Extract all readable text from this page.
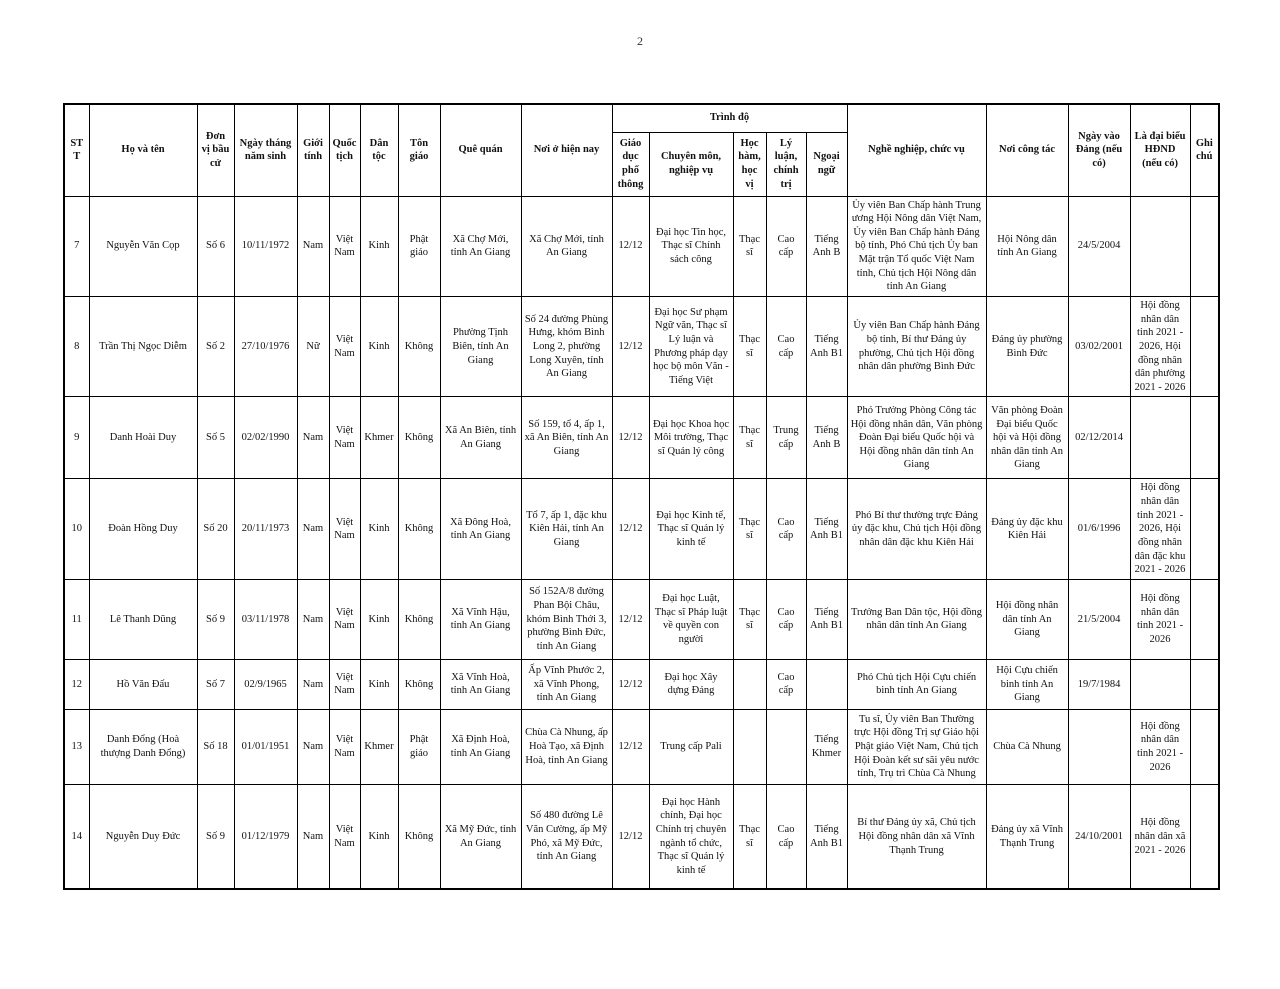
2
STT	Họ và tên	Đơn vị bầu cử	Ngày tháng năm sinh	Giới tính	Quốc tịch	Dân tộc	Tôn giáo	Quê quán	Nơi ở hiện nay	Trình độ					Nghề nghiệp, chức vụ	Nơi công tác	Ngày vào Đảng (nếu có)	Là đại biểu HĐND (nếu có)	Ghi chú
										Giáo dục phổ thông	Chuyên môn, nghiệp vụ	Học hàm, học vị	Lý luận, chính trị	Ngoại ngữ					
7	Nguyễn Văn Cọp	Số 6	10/11/1972	Nam	Việt Nam	Kinh	Phật giáo	Xã Chợ Mới, tỉnh An Giang	Xã Chợ Mới, tỉnh An Giang	12/12	Đại học Tin học, Thạc sĩ Chính sách công	Thạc sĩ	Cao cấp	Tiếng Anh B	Ủy viên Ban Chấp hành Trung ương Hội Nông dân Việt Nam, Ủy viên Ban Chấp hành Đảng bộ tỉnh, Phó Chủ tịch Ủy ban Mặt trận Tổ quốc Việt Nam tỉnh, Chủ tịch Hội Nông dân tỉnh An Giang	Hội Nông dân tỉnh An Giang	24/5/2004		
8	Trần Thị Ngọc Diễm	Số 2	27/10/1976	Nữ	Việt Nam	Kinh	Không	Phường Tịnh Biên, tỉnh An Giang	Số 24 đường Phùng Hưng, khóm Bình Long 2, phường Long Xuyên, tỉnh An Giang	12/12	Đại học Sư phạm Ngữ văn, Thạc sĩ Lý luận và Phương pháp dạy học bộ môn Văn - Tiếng Việt	Thạc sĩ	Cao cấp	Tiếng Anh B1	Ủy viên Ban Chấp hành Đảng bộ tỉnh, Bí thư Đảng ủy phường, Chủ tịch Hội đồng nhân dân phường Bình Đức	Đảng ủy phường Bình Đức	03/02/2001	Hội đồng nhân dân tỉnh 2021 - 2026, Hội đồng nhân dân phường 2021 - 2026	
9	Danh Hoài Duy	Số 5	02/02/1990	Nam	Việt Nam	Khmer	Không	Xã An Biên, tỉnh An Giang	Số 159, tổ 4, ấp 1, xã An Biên, tỉnh An Giang	12/12	Đại học Khoa học Môi trường, Thạc sĩ Quản lý công	Thạc sĩ	Trung cấp	Tiếng Anh B	Phó Trưởng Phòng Công tác Hội đồng nhân dân, Văn phòng Đoàn Đại biểu Quốc hội và Hội đồng nhân dân tỉnh An Giang	Văn phòng Đoàn Đại biểu Quốc hội và Hội đồng nhân dân tỉnh An Giang	02/12/2014		
10	Đoàn Hồng Duy	Số 20	20/11/1973	Nam	Việt Nam	Kinh	Không	Xã Đông Hoà, tỉnh An Giang	Tổ 7, ấp 1, đặc khu Kiên Hải, tỉnh An Giang	12/12	Đại học Kinh tế, Thạc sĩ Quản lý kinh tế	Thạc sĩ	Cao cấp	Tiếng Anh B1	Phó Bí thư thường trực Đảng ủy đặc khu, Chủ tịch Hội đồng nhân dân đặc khu Kiên Hải	Đảng ủy đặc khu Kiên Hải	01/6/1996	Hội đồng nhân dân tỉnh 2021 - 2026, Hội đồng nhân dân đặc khu 2021 - 2026	
11	Lê Thanh Dũng	Số 9	03/11/1978	Nam	Việt Nam	Kinh	Không	Xã Vĩnh Hậu, tỉnh An Giang	Số 152A/8 đường Phan Bội Châu, khóm Bình Thới 3, phường Bình Đức, tỉnh An Giang	12/12	Đại học Luật, Thạc sĩ Pháp luật về quyền con người	Thạc sĩ	Cao cấp	Tiếng Anh B1	Trưởng Ban Dân tộc, Hội đồng nhân dân tỉnh An Giang	Hội đồng nhân dân tỉnh An Giang	21/5/2004	Hội đồng nhân dân tỉnh 2021 - 2026	
12	Hồ Văn Đấu	Số 7	02/9/1965	Nam	Việt Nam	Kinh	Không	Xã Vĩnh Hoà, tỉnh An Giang	Ấp Vĩnh Phước 2, xã Vĩnh Phong, tỉnh An Giang	12/12	Đại học Xây dựng Đảng		Cao cấp		Phó Chủ tịch Hội Cựu chiến binh tỉnh An Giang	Hội Cựu chiến binh tỉnh An Giang	19/7/1984		
13	Danh Đổng (Hoà thượng Danh Đổng)	Số 18	01/01/1951	Nam	Việt Nam	Khmer	Phật giáo	Xã Định Hoà, tỉnh An Giang	Chùa Cà Nhung, ấp Hoà Tạo, xã Định Hoà, tỉnh An Giang	12/12	Trung cấp Pali			Tiếng Khmer	Tu sĩ, Ủy viên Ban Thường trực Hội đồng Trị sự Giáo hội Phật giáo Việt Nam, Chủ tịch Hội Đoàn kết sư sãi yêu nước tỉnh, Trụ trì Chùa Cà Nhung	Chùa Cà Nhung		Hội đồng nhân dân tỉnh 2021 - 2026	
14	Nguyễn Duy Đức	Số 9	01/12/1979	Nam	Việt Nam	Kinh	Không	Xã Mỹ Đức, tỉnh An Giang	Số 480 đường Lê Văn Cường, ấp Mỹ Phó, xã Mỹ Đức, tỉnh An Giang	12/12	Đại học Hành chính, Đại học Chính trị chuyên ngành tổ chức, Thạc sĩ Quản lý kinh tế	Thạc sĩ	Cao cấp	Tiếng Anh B1	Bí thư Đảng ủy xã, Chủ tịch Hội đồng nhân dân xã Vĩnh Thạnh Trung	Đảng ủy xã Vĩnh Thạnh Trung	24/10/2001	Hội đồng nhân dân xã 2021 - 2026	
